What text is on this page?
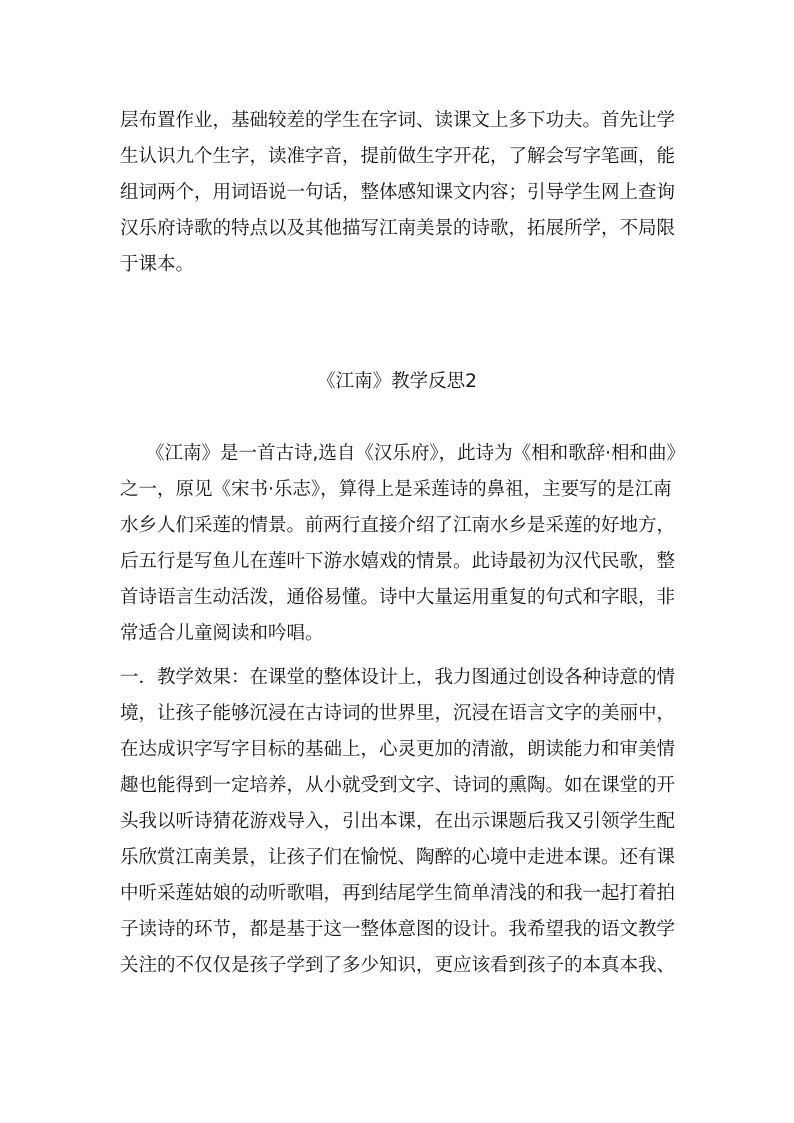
层布置作业，基础较差的学生在字词、读课文上多下功夫。首先让学
生认识九个生字，读准字音，提前做生字开花，了解会写字笔画，能
组词两个，用词语说一句话，整体感知课文内容；引导学生网上查询
汉乐府诗歌的特点以及其他描写江南美景的诗歌，拓展所学，不局限
于课本。
《江南》教学反思2
《江南》是一首古诗,选自《汉乐府》，此诗为《相和歌辞·相和曲》
之一，原见《宋书·乐志》，算得上是采莲诗的鼻祖，主要写的是江南
水乡人们采莲的情景。前两行直接介绍了江南水乡是采莲的好地方，
后五行是写鱼儿在莲叶下游水嬉戏的情景。此诗最初为汉代民歌，整
首诗语言生动活泼，通俗易懂。诗中大量运用重复的句式和字眼，非
常适合儿童阅读和吟唱。
一．教学效果：在课堂的整体设计上，我力图通过创设各种诗意的情
境，让孩子能够沉浸在古诗词的世界里，沉浸在语言文字的美丽中，
在达成识字写字目标的基础上，心灵更加的清澈，朗读能力和审美情
趣也能得到一定培养，从小就受到文字、诗词的熏陶。如在课堂的开
头我以听诗猜花游戏导入，引出本课，在出示课题后我又引领学生配
乐欣赏江南美景，让孩子们在愉悦、陶醉的心境中走进本课。还有课
中听采莲姑娘的动听歌唱，再到结尾学生简单清浅的和我一起打着拍
子读诗的环节，都是基于这一整体意图的设计。我希望我的语文教学
关注的不仅仅是孩子学到了多少知识，更应该看到孩子的本真本我、
